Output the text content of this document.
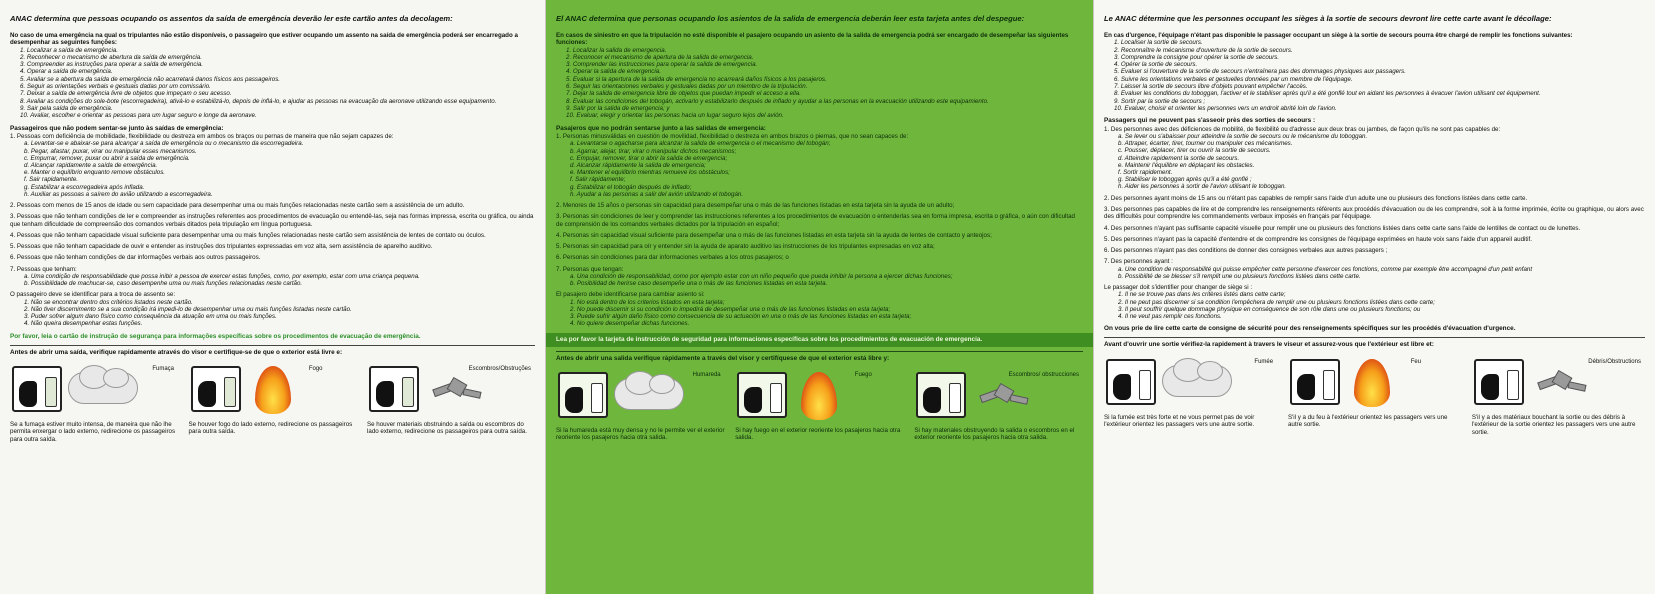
ANAC determina que pessoas ocupando os assentos da saída de emergência deverão ler este cartão antes da decolagem:
No caso de uma emergência na qual os tripulantes não estão disponíveis, o passageiro que estiver ocupando um assento na saída de emergência poderá ser encarregado a desempenhar as seguintes funções:
1. Localizar a saída de emergência.
2. Reconhecer o mecanismo de abertura da saída de emergência.
3. Compreender as instruções para operar a saída de emergência.
4. Operar a saída de emergência.
5. Avaliar se a abertura da saída de emergência não acarretará danos físicos aos passageiros.
6. Seguir as orientações verbais e gestuais dadas por um comissário.
7. Deixar a saída de emergência livre de objetos que impeçam o seu acesso.
8. Avaliar as condições do sole-bote (escorregadeira), ativá-lo e estabilizá-lo, depois de inflá-lo, e ajudar as pessoas na evacuação da aeronave utilizando esse equipamento.
9. Sair pela saída de emergência.
10. Avaliar, escolher e orientar as pessoas para um lugar seguro e longe da aeronave.
Passageiros que não podem sentar-se junto às saídas de emergência:
1. Pessoas com deficiência de mobilidade, flexibilidade ou destreza em ambos os braços ou pernas de maneira que não sejam capazes de:
a. Levantar-se e abaixar-se para alcançar a saída de emergência ou o mecanismo da escorregadeira.
b. Pegar, afastar, puxar, virar ou manipular esses mecanismos.
c. Empurrar, remover, puxar ou abrir a saída de emergência.
d. Alcançar rapidamente a saída de emergência.
e. Manter o equilíbrio enquanto remove obstáculos.
f. Sair rapidamente.
g. Estabilizar a escorregadeira após inflada.
h. Auxiliar as pessoas a saírem do avião utilizando a escorregadeira.
2. Pessoas com menos de 15 anos de idade ou sem capacidade para desempenhar uma ou mais funções relacionadas neste cartão sem a assistência de um adulto.
3. Pessoas que não tenham condições de ler e compreender as instruções referentes aos procedimentos de evacuação ou entendê-las, seja nas formas impressa, escrita ou gráfica, ou ainda que tenham dificuldade de compreensão dos comandos verbais ditados pela tripulação em língua portuguesa.
4. Pessoas que não tenham capacidade visual suficiente para desempenhar uma ou mais funções relacionadas neste cartão sem assistência de lentes de contato ou óculos.
5. Pessoas que não tenham capacidade de ouvir e entender as instruções dos tripulantes expressadas em voz alta, sem assistência de aparelho auditivo.
6. Pessoas que não tenham condições de dar informações verbais aos outros passageiros.
7. Pessoas que tenham:
a. Uma condição de responsabilidade que possa inibir a pessoa de exercer estas funções, como, por exemplo, estar com uma criança pequena.
b. Possibilidade de machucar-se, caso desempenhe uma ou mais funções relacionadas neste cartão.
O passageiro deve se identificar para a troca de assento se:
1. Não se encontrar dentro dos critérios listados neste cartão.
2. Não tiver discernimento se a sua condição irá impedi-lo de desempenhar uma ou mais funções listadas neste cartão.
3. Puder sofrer algum dano físico como consequência da atuação em uma ou mais funções.
4. Não queira desempenhar estas funções.
Por favor, leia o cartão de instrução de segurança para informações específicas sobre os procedimentos de evacuação de emergência.
Antes de abrir uma saída, verifique rapidamente através do visor e certifique-se de que o exterior está livre e:
Fumaça
Se a fumaça estiver muito intensa, de maneira que não lhe permita enxergar o lado externo, redirecione os passageiros para outra saída.
Fogo
Se houver fogo do lado externo, redirecione os passageiros para outra saída.
Escombros/Obstruções
Se houver materiais obstruindo a saída ou escombros do lado externo, redirecione os passageiros para outra saída.
El ANAC determina que personas ocupando los asientos de la salida de emergencia deberán leer esta tarjeta antes del despegue:
En casos de siniestro en que la tripulación no esté disponible el pasajero ocupando un asiento de la salida de emergencia podrá ser encargado de desempeñar las siguientes funciones:
1. Localizar la salida de emergencia.
2. Reconocer el mecanismo de apertura de la salida de emergencia.
3. Comprender las instrucciones para operar la salida de emergencia.
4. Operar la salida de emergencia.
5. Evaluar si la apertura de la salida de emergencia no acarreará daños físicos a los pasajeros.
6. Seguir las orientaciones verbales y gestuales dadas por un miembro de la tripulación.
7. Dejar la salida de emergencia libre de objetos que puedan impedir el acceso a ella.
8. Evaluar las condiciones del tobogán, activarlo y estabilizarlo después de inflado y ayudar a las personas en la evacuación utilizando este equipamiento.
9. Salir por la salida de emergencia; y
10. Evaluar, elegir y orientar las personas hacia un lugar seguro lejos del avión.
Pasajeros que no podrán sentarse junto a las salidas de emergencia:
1. Personas minusválidas en cuestión de movilidad, flexibilidad o destreza en ambos brazos o piernas, que no sean capaces de:
a. Levantarse o agacharse para alcanzar la salida de emergencia o el mecanismo del tobogán;
b. Agarrar, alejar, tirar, virar o manipular dichos mecanismos;
c. Empujar, remover, tirar o abrir la salida de emergencia;
d. Alcanzar rápidamente la salida de emergencia;
e. Mantener el equilibrio mientras remueve los obstáculos;
f. Salir rápidamente;
g. Estabilizar el tobogán después de inflado;
h. Ayudar a las personas a salir del avión utilizando el tobogán.
2. Menores de 15 años o personas sin capacidad para desempeñar una o más de las funciones listadas en esta tarjeta sin la ayuda de un adulto;
3. Personas sin condiciones de leer y comprender las instrucciones referentes a los procedimientos de evacuación o entenderlas sea en forma impresa, escrita o gráfica, o aún con dificultad de comprensión de los comandos verbales dictados por la tripulación en español;
4. Personas sin capacidad visual suficiente para desempeñar una o más de las funciones listadas en esta tarjeta sin la ayuda de lentes de contacto y anteojos;
5. Personas sin capacidad para oír y entender sin la ayuda de aparato auditivo las instrucciones de los tripulantes expresadas en voz alta;
6. Personas sin condiciones para dar informaciones verbales a los otros pasajeros; o
7. Personas que tengan:
a. Una condición de responsabilidad, como por ejemplo estar con un niño pequeño que pueda inhibir la persona a ejercer dichas funciones;
b. Posibilidad de herirse caso desempeñe una o más de las funciones listadas en esta tarjeta.
El pasajero debe identificarse para cambiar asiento si:
1. No está dentro de los criterios listados en esta tarjeta;
2. No puede discernir si su condición lo impedirá de desempeñar una o más de las funciones listadas en esta tarjeta;
3. Puede sufrir algún daño físico como consecuencia de su actuación en una o más de las funciones listadas en esta tarjeta;
4. No quiere desempeñar dichas funciones.
Lea por favor la tarjeta de instrucción de seguridad para informaciones específicas sobre los procedimientos de evacuación de emergencia.
Antes de abrir una salida verifique rápidamente a través del visor y certifíquese de que el exterior está libre y:
Humareda
Si la humareda está muy densa y no le permite ver el exterior reoriente los pasajeros hacia otra salida.
Fuego
Si hay fuego en el exterior reoriente los pasajeros hacia otra salida.
Escombros/ obstrucciones
Si hay materiales obstruyendo la salida o escombros en el exterior reoriente los pasajeros hacia otra salida.
Le ANAC détermine que les personnes occupant les sièges à la sortie de secours devront lire cette carte avant le décollage:
En cas d'urgence, l'équipage n'étant pas disponible le passager occupant un siège à la sortie de secours pourra être chargé de remplir les fonctions suivantes:
1. Localiser la sortie de secours.
2. Reconnaître le mécanisme d'ouverture de la sortie de secours.
3. Comprendre la consigne pour opérer la sortie de secours.
4. Opérer la sortie de secours.
5. Evaluer si l'ouverture de la sortie de secours n'entraînera pas des dommages physiques aux passagers.
6. Suivre les orientations verbales et gestuelles données par un membre de l'équipage.
7. Laisser la sortie de secours libre d'objets pouvant empêcher l'accès.
8. Evaluer les conditions du toboggan, l'activer et le stabiliser après qu'il a été gonflé tout en aidant les personnes à évacuer l'avion utilisant cet équipement.
9. Sortir par la sortie de secours ;
10. Evaluer, choisir et orienter les personnes vers un endroit abrité loin de l'avion.
Passagers qui ne peuvent pas s'asseoir près des sorties de secours :
1. Des personnes avec des déficiences de mobilité, de flexibilité ou d'adresse aux deux bras ou jambes, de façon qu'ils ne sont pas capables de:
a. Se lever ou s'abaisser pour atteindre la sortie de secours ou le mécanisme du toboggan.
b. Attraper, écarter, tirer, tourner ou manipuler ces mécanismes.
c. Pousser, déplacer, tirer ou ouvrir la sortie de secours.
d. Atteindre rapidement la sortie de secours.
e. Maintenir l'équilibre en déplaçant les obstacles.
f. Sortir rapidement.
g. Stabiliser le toboggan après qu'il a été gonflé ;
h. Aider les personnes à sortir de l'avion utilisant le toboggan.
2. Des personnes ayant moins de 15 ans ou n'étant pas capables de remplir sans l'aide d'un adulte une ou plusieurs des fonctions listées dans cette carte.
3. Des personnes pas capables de lire et de comprendre les renseignements référents aux procédés d'évacuation ou de les comprendre, soit à la forme imprimée, écrite ou graphique, ou alors avec des difficultés pour comprendre les commandements verbaux imposés en français par l'équipage.
4. Des personnes n'ayant pas suffisante capacité visuelle pour remplir une ou plusieurs des fonctions listées dans cette carte sans l'aide de lentilles de contact ou de lunettes.
5. Des personnes n'ayant pas la capacité d'entendre et de comprendre les consignes de l'équipage exprimées en haute voix sans l'aide d'un appareil auditif.
6. Des personnes n'ayant pas des conditions de donner des consignes verbales aux autres passagers ;
7. Des personnes ayant :
a. Une condition de responsabilité qui puisse empêcher cette personne d'exercer ces fonctions, comme par exemple être accompagné d'un petit enfant
b. Possibilité de se blesser s'il remplit une ou plusieurs fonctions listées dans cette carte.
Le passager doit s'identifier pour changer de siège si :
1. Il ne se trouve pas dans les critères listés dans cette carte;
2. Il ne peut pas discerner si sa condition l'empêchera de remplir une ou plusieurs fonctions listées dans cette carte;
3. Il peut souffrir quelque dommage physique en conséquence de son rôle dans une ou plusieurs fonctions; ou
4. Il ne veut pas remplir ces fonctions.
On vous prie de lire cette carte de consigne de sécurité pour des renseignements spécifiques sur les procédés d'évacuation d'urgence.
Avant d'ouvrir une sortie vérifiez-la rapidement à travers le viseur et assurez-vous que l'extérieur est libre et:
Fumée
Si la fumée est très forte et ne vous permet pas de voir l'extérieur orientez les passagers vers une autre sortie.
Feu
S'il y a du feu à l'extérieur orientez les passagers vers une autre sortie.
Débris/Obstructions
S'il y a des matériaux bouchant la sortie ou des débris à l'extérieur de la sortie orientez les passagers vers une autre sortie.
